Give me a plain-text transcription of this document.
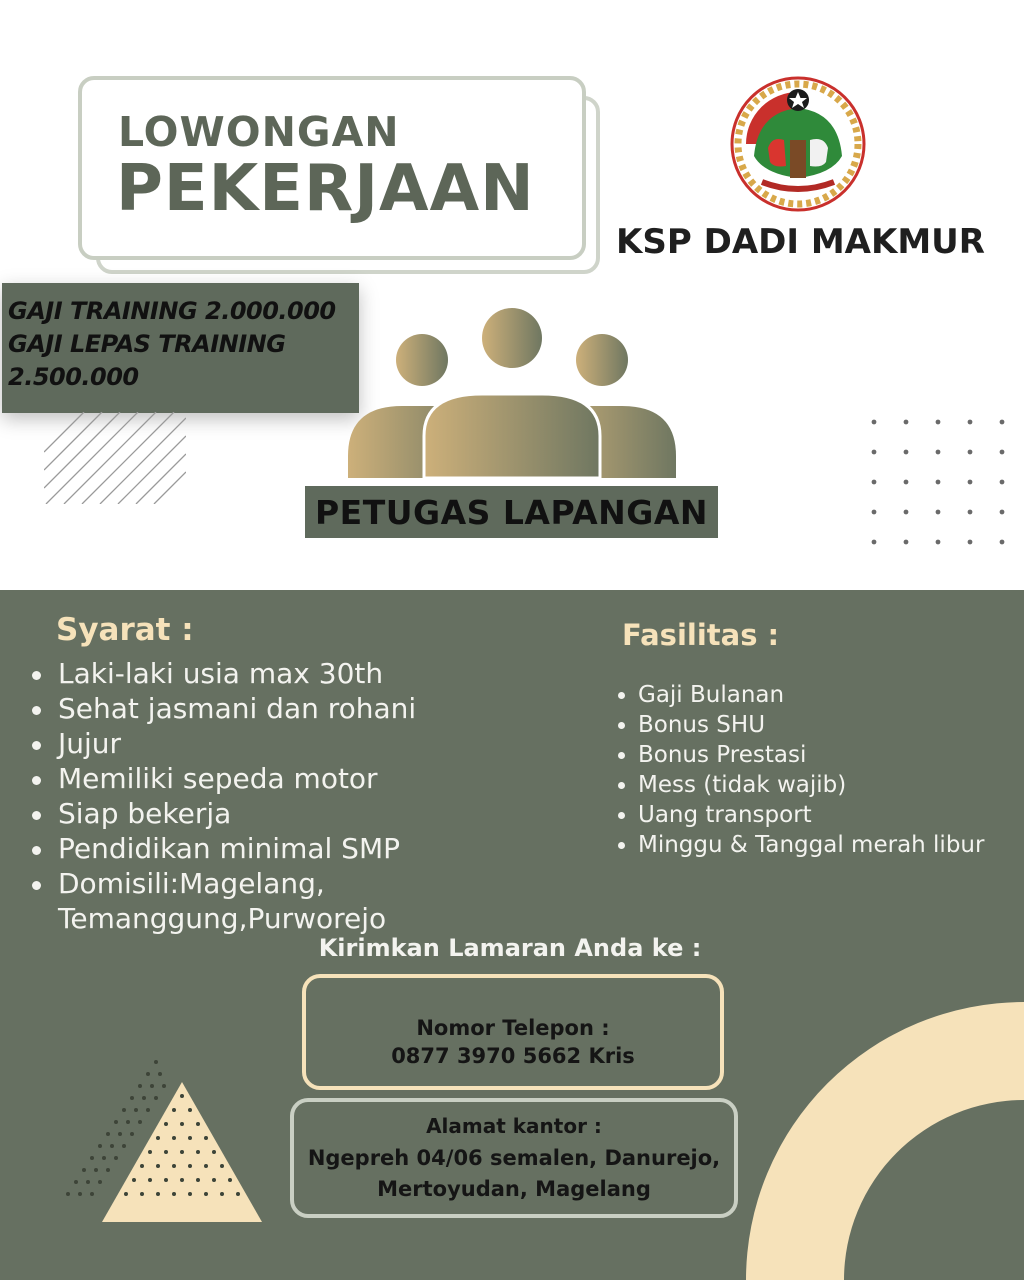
LOWONGAN
PEKERJAAN
KSP DADI MAKMUR
GAJI TRAINING 2.000.000
GAJI LEPAS TRAINING
2.500.000
PETUGAS LAPANGAN
Syarat :
Laki-laki usia max 30th
Sehat jasmani dan rohani
Jujur
Memiliki sepeda motor
Siap bekerja
Pendidikan minimal SMP
Domisili:Magelang, Temanggung,Purworejo
Fasilitas :
Gaji Bulanan
Bonus SHU
Bonus Prestasi
Mess (tidak wajib)
Uang transport
Minggu & Tanggal merah libur
Kirimkan Lamaran Anda ke :
Nomor Telepon :
0877 3970 5662 Kris
Alamat kantor :
Ngepreh 04/06 semalen, Danurejo,
Mertoyudan, Magelang
